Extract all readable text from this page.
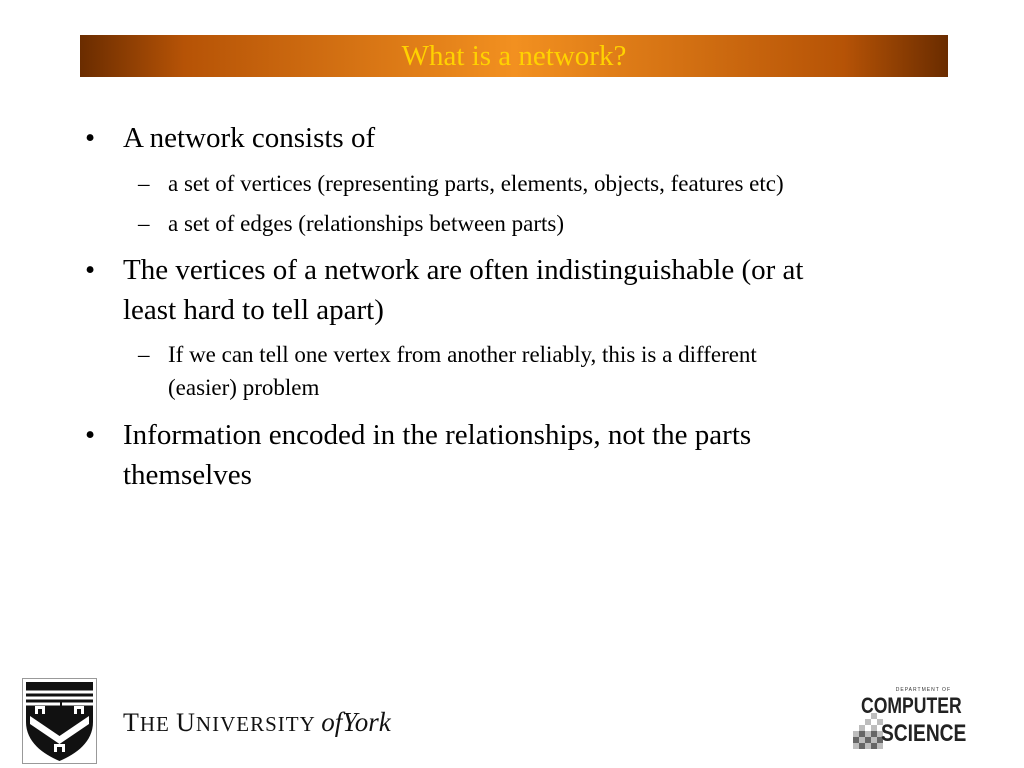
What is a network?
• A network consists of
– a set of vertices (representing parts, elements, objects, features etc)
– a set of edges (relationships between parts)
• The vertices of a network are often indistinguishable (or at
least hard to tell apart)
– If we can tell one vertex from another reliably, this is a different
(easier) problem
• Information encoded in the relationships, not the parts
themselves
THE UNIVERSITY ofYork
DEPARTMENT OF
COMPUTER
SCIENCE
